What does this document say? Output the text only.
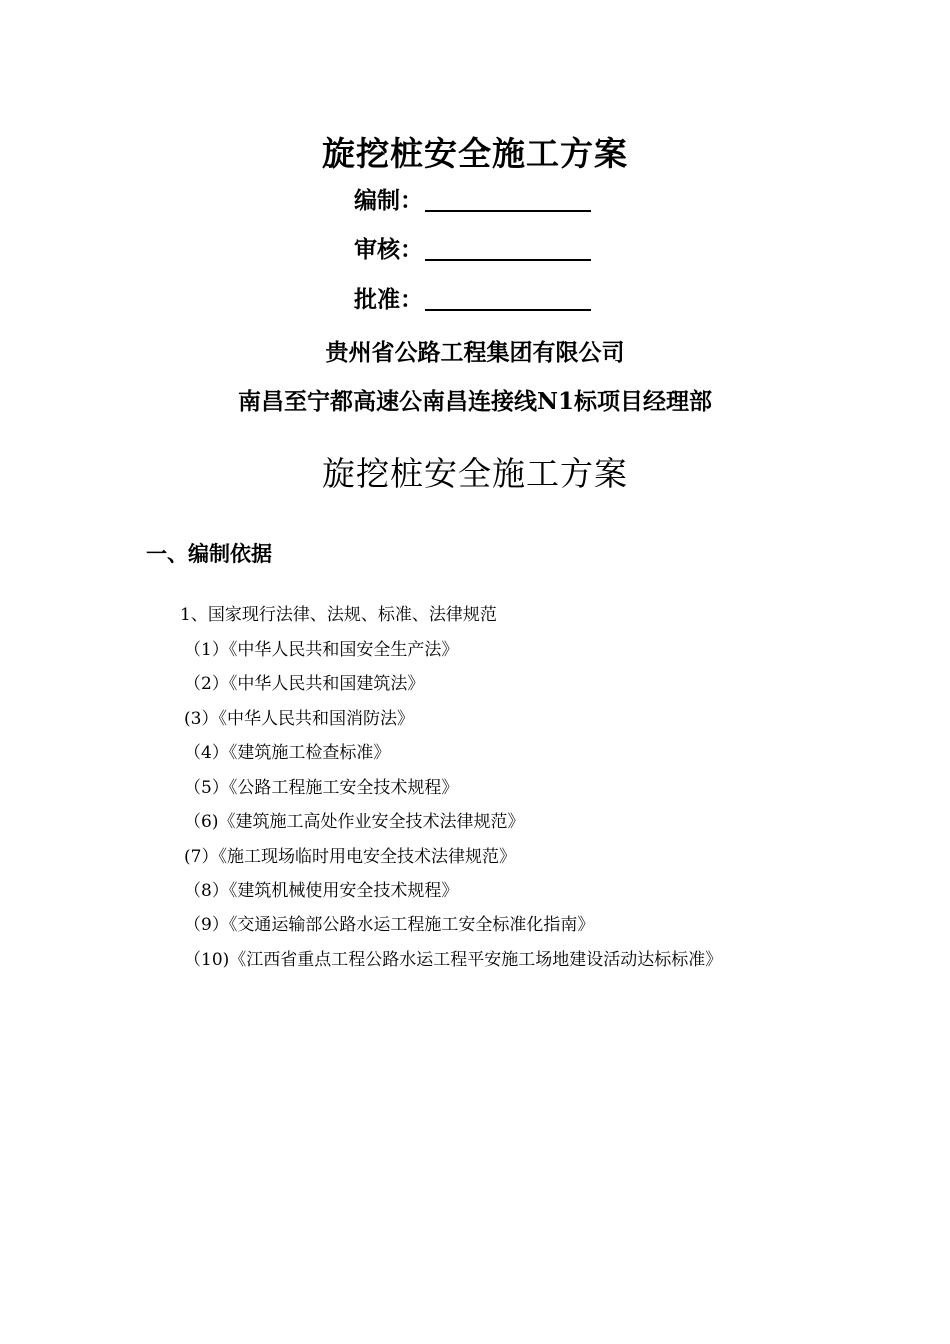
旋挖桩安全施工方案
编制：
审核：
批准：
贵州省公路工程集团有限公司
南昌至宁都高速公南昌连接线N1标项目经理部
旋挖桩安全施工方案
一、编制依据
1、国家现行法律、法规、标准、法律规范
（1）《中华人民共和国安全生产法》
（2）《中华人民共和国建筑法》
(3）《中华人民共和国消防法》
（4）《建筑施工检查标准》
（5）《公路工程施工安全技术规程》
（6)《建筑施工高处作业安全技术法律规范》
(7）《施工现场临时用电安全技术法律规范》
（8）《建筑机械使用安全技术规程》
（9）《交通运输部公路水运工程施工安全标准化指南》
（10)《江西省重点工程公路水运工程平安施工场地建设活动达标标准》
